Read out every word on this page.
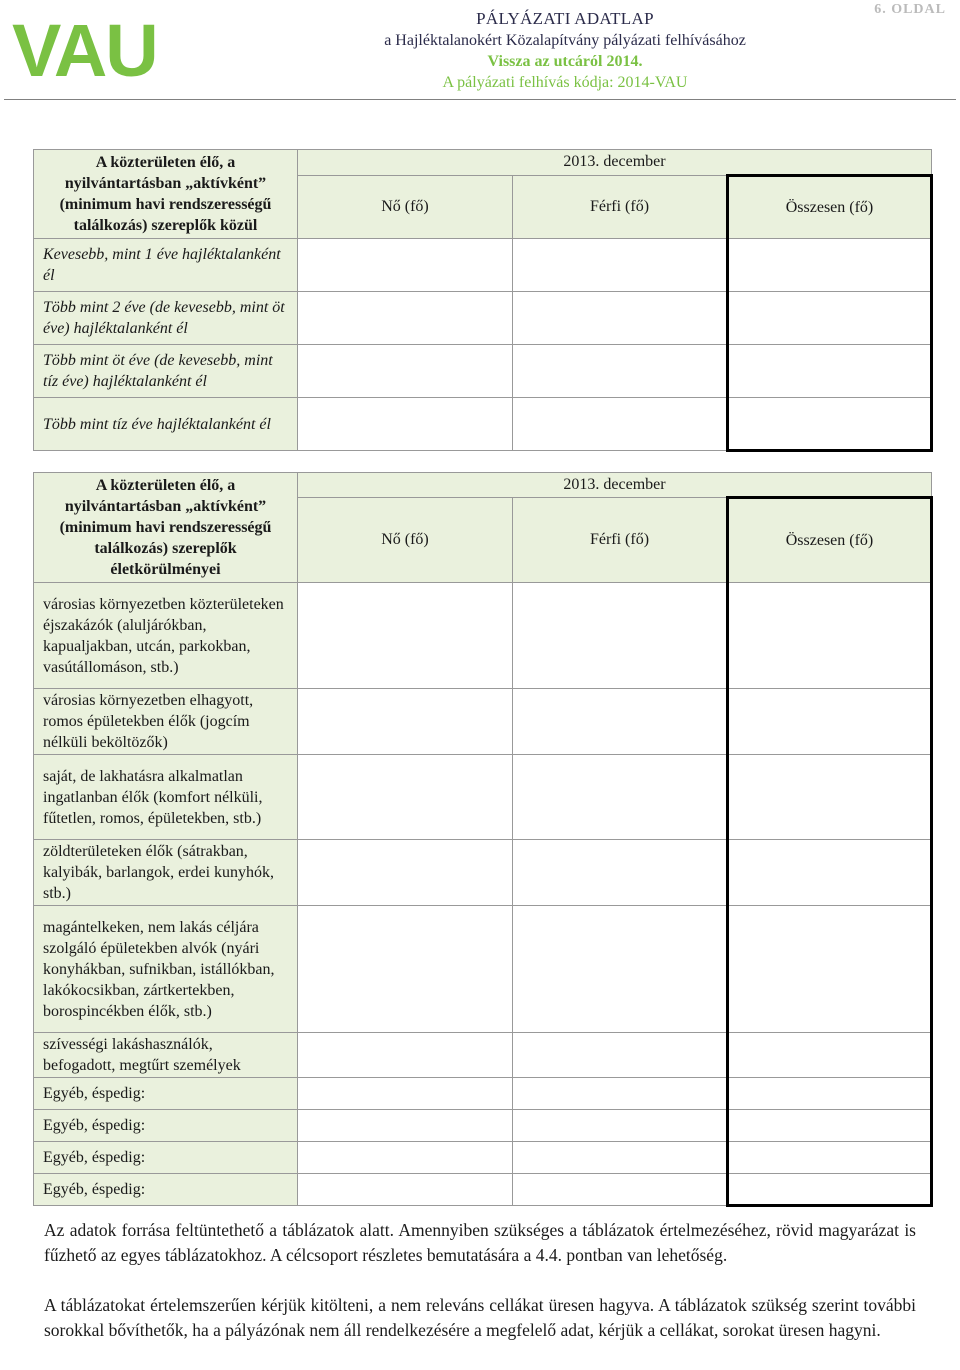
VAU	PÁLYÁZATI ADATLAP
a Hajléktalanokért Közalapítvány pályázati felhívásához
Vissza az utcáról 2014.
A pályázati felhívás kódja: 2014-VAU
6. OLDAL
A közterületen élő, a nyilvántartásban „aktívként” (minimum havi rendszerességű találkozás) szereplők közül	2013. december		
	Nő (fő)	Férfi (fő)	Összesen (fő)
Kevesebb, mint 1 éve hajléktalanként él			
Több mint 2 éve (de kevesebb, mint öt éve) hajléktalanként él			
Több mint öt éve (de kevesebb, mint tíz éve) hajléktalanként él			
Több mint tíz éve hajléktalanként él			
A közterületen élő, a nyilvántartásban „aktívként” (minimum havi rendszerességű találkozás) szereplők életkörülményei	2013. december		
	Nő (fő)	Férfi (fő)	Összesen (fő)
városias környezetben közterületeken éjszakázók (aluljárókban, kapualjakban, utcán, parkokban, vasútállomáson, stb.)			
városias környezetben elhagyott, romos épületekben élők (jogcím nélküli beköltözők)			
saját, de lakhatásra alkalmatlan ingatlanban élők (komfort nélküli, fűtetlen, romos, épületekben, stb.)			
zöldterületeken élők (sátrakban, kalyibák, barlangok, erdei kunyhók, stb.)			
magántelkeken, nem lakás céljára szolgáló épületekben alvók (nyári konyhákban, sufnikban, istállókban, lakókocsikban, zártkertekben, borospincékben élők, stb.)			
szívességi lakáshasználók, befogadott, megtűrt személyek			
Egyéb, éspedig:			
Egyéb, éspedig:			
Egyéb, éspedig:			
Egyéb, éspedig:			

Az adatok forrása feltüntethető a táblázatok alatt. Amennyiben szükséges a táblázatok értelmezéséhez, rövid magyarázat is fűzhető az egyes táblázatokhoz. A célcsoport részletes bemutatására a 4.4. pontban van lehetőség.

A táblázatokat értelemszerűen kérjük kitölteni, a nem releváns cellákat üresen hagyva. A táblázatok szükség szerint további sorokkal bővíthetők, ha a pályázónak nem áll rendelkezésére a megfelelő adat, kérjük a cellákat, sorokat üresen hagyni.
